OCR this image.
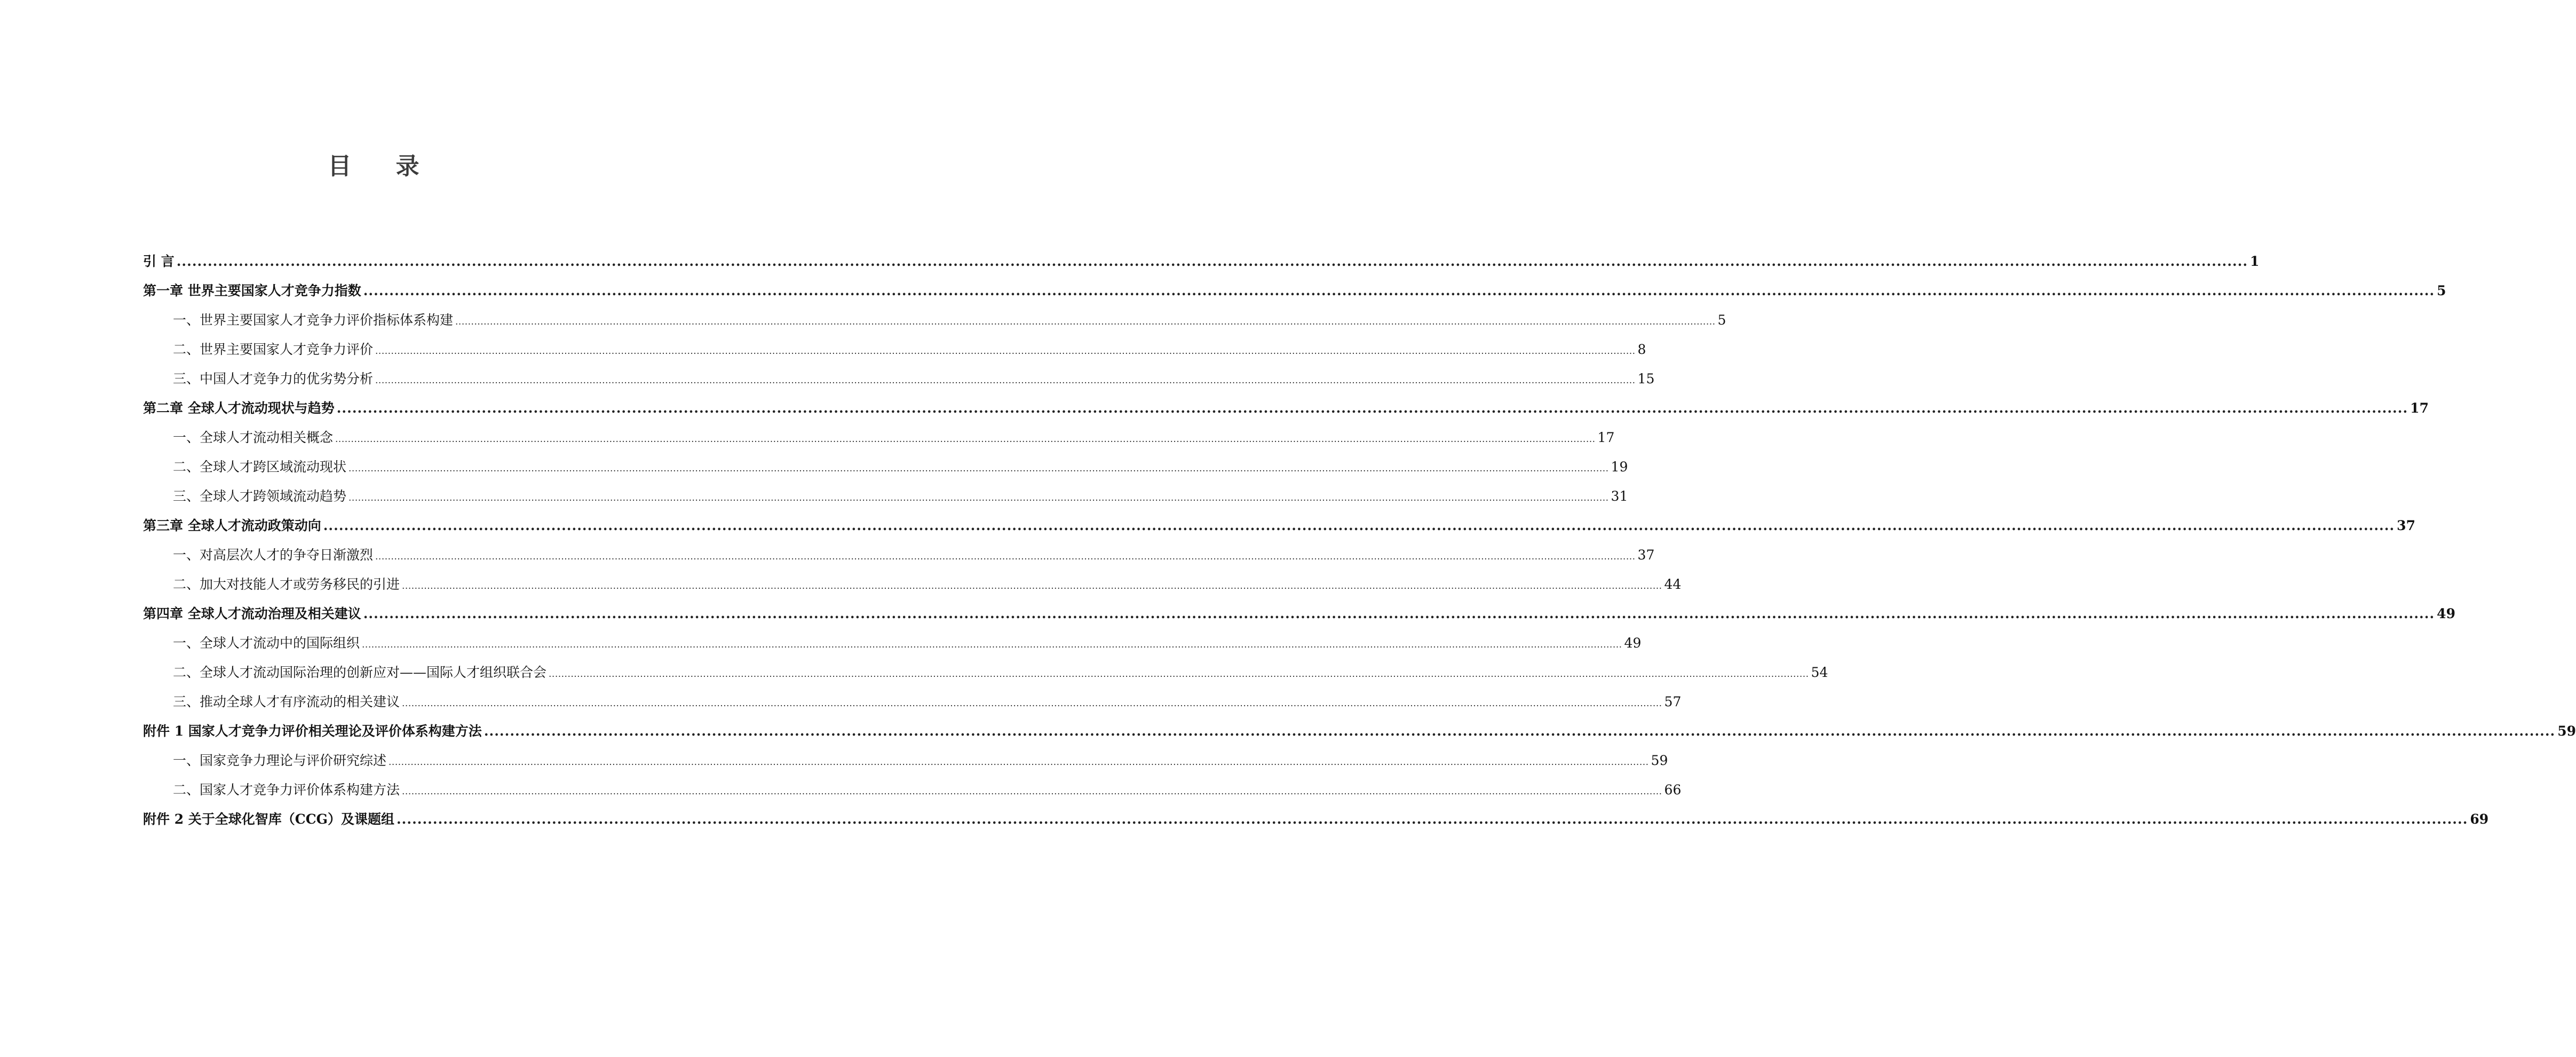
目 录
引 言 ................................................................................................................................................................................................................................................................................................................................................................................................................ 1
第一章 世界主要国家人才竞争力指数 ................................................................................................................................................................................................................................................................................................................................................................................................................ 5
一、世界主要国家人才竞争力评价指标体系构建 ................................................................................................................................................................................................................................................................................................................................................................................................................ 5
二、世界主要国家人才竞争力评价 ................................................................................................................................................................................................................................................................................................................................................................................................................ 8
三、中国人才竞争力的优劣势分析 ................................................................................................................................................................................................................................................................................................................................................................................................................ 15
第二章 全球人才流动现状与趋势 ................................................................................................................................................................................................................................................................................................................................................................................................................ 17
一、全球人才流动相关概念 ................................................................................................................................................................................................................................................................................................................................................................................................................ 17
二、全球人才跨区域流动现状 ................................................................................................................................................................................................................................................................................................................................................................................................................ 19
三、全球人才跨领域流动趋势 ................................................................................................................................................................................................................................................................................................................................................................................................................ 31
第三章 全球人才流动政策动向 ................................................................................................................................................................................................................................................................................................................................................................................................................ 37
一、对高层次人才的争夺日渐激烈 ................................................................................................................................................................................................................................................................................................................................................................................................................ 37
二、加大对技能人才或劳务移民的引进 ................................................................................................................................................................................................................................................................................................................................................................................................................ 44
第四章 全球人才流动治理及相关建议 ................................................................................................................................................................................................................................................................................................................................................................................................................ 49
一、全球人才流动中的国际组织 ................................................................................................................................................................................................................................................................................................................................................................................................................ 49
二、全球人才流动国际治理的创新应对——国际人才组织联合会 ................................................................................................................................................................................................................................................................................................................................................................................................................ 54
三、推动全球人才有序流动的相关建议 ................................................................................................................................................................................................................................................................................................................................................................................................................ 57
附件 1 国家人才竞争力评价相关理论及评价体系构建方法 ................................................................................................................................................................................................................................................................................................................................................................................................................ 59
一、国家竞争力理论与评价研究综述 ................................................................................................................................................................................................................................................................................................................................................................................................................ 59
二、国家人才竞争力评价体系构建方法 ................................................................................................................................................................................................................................................................................................................................................................................................................ 66
附件 2 关于全球化智库（CCG）及课题组 ................................................................................................................................................................................................................................................................................................................................................................................................................ 69
